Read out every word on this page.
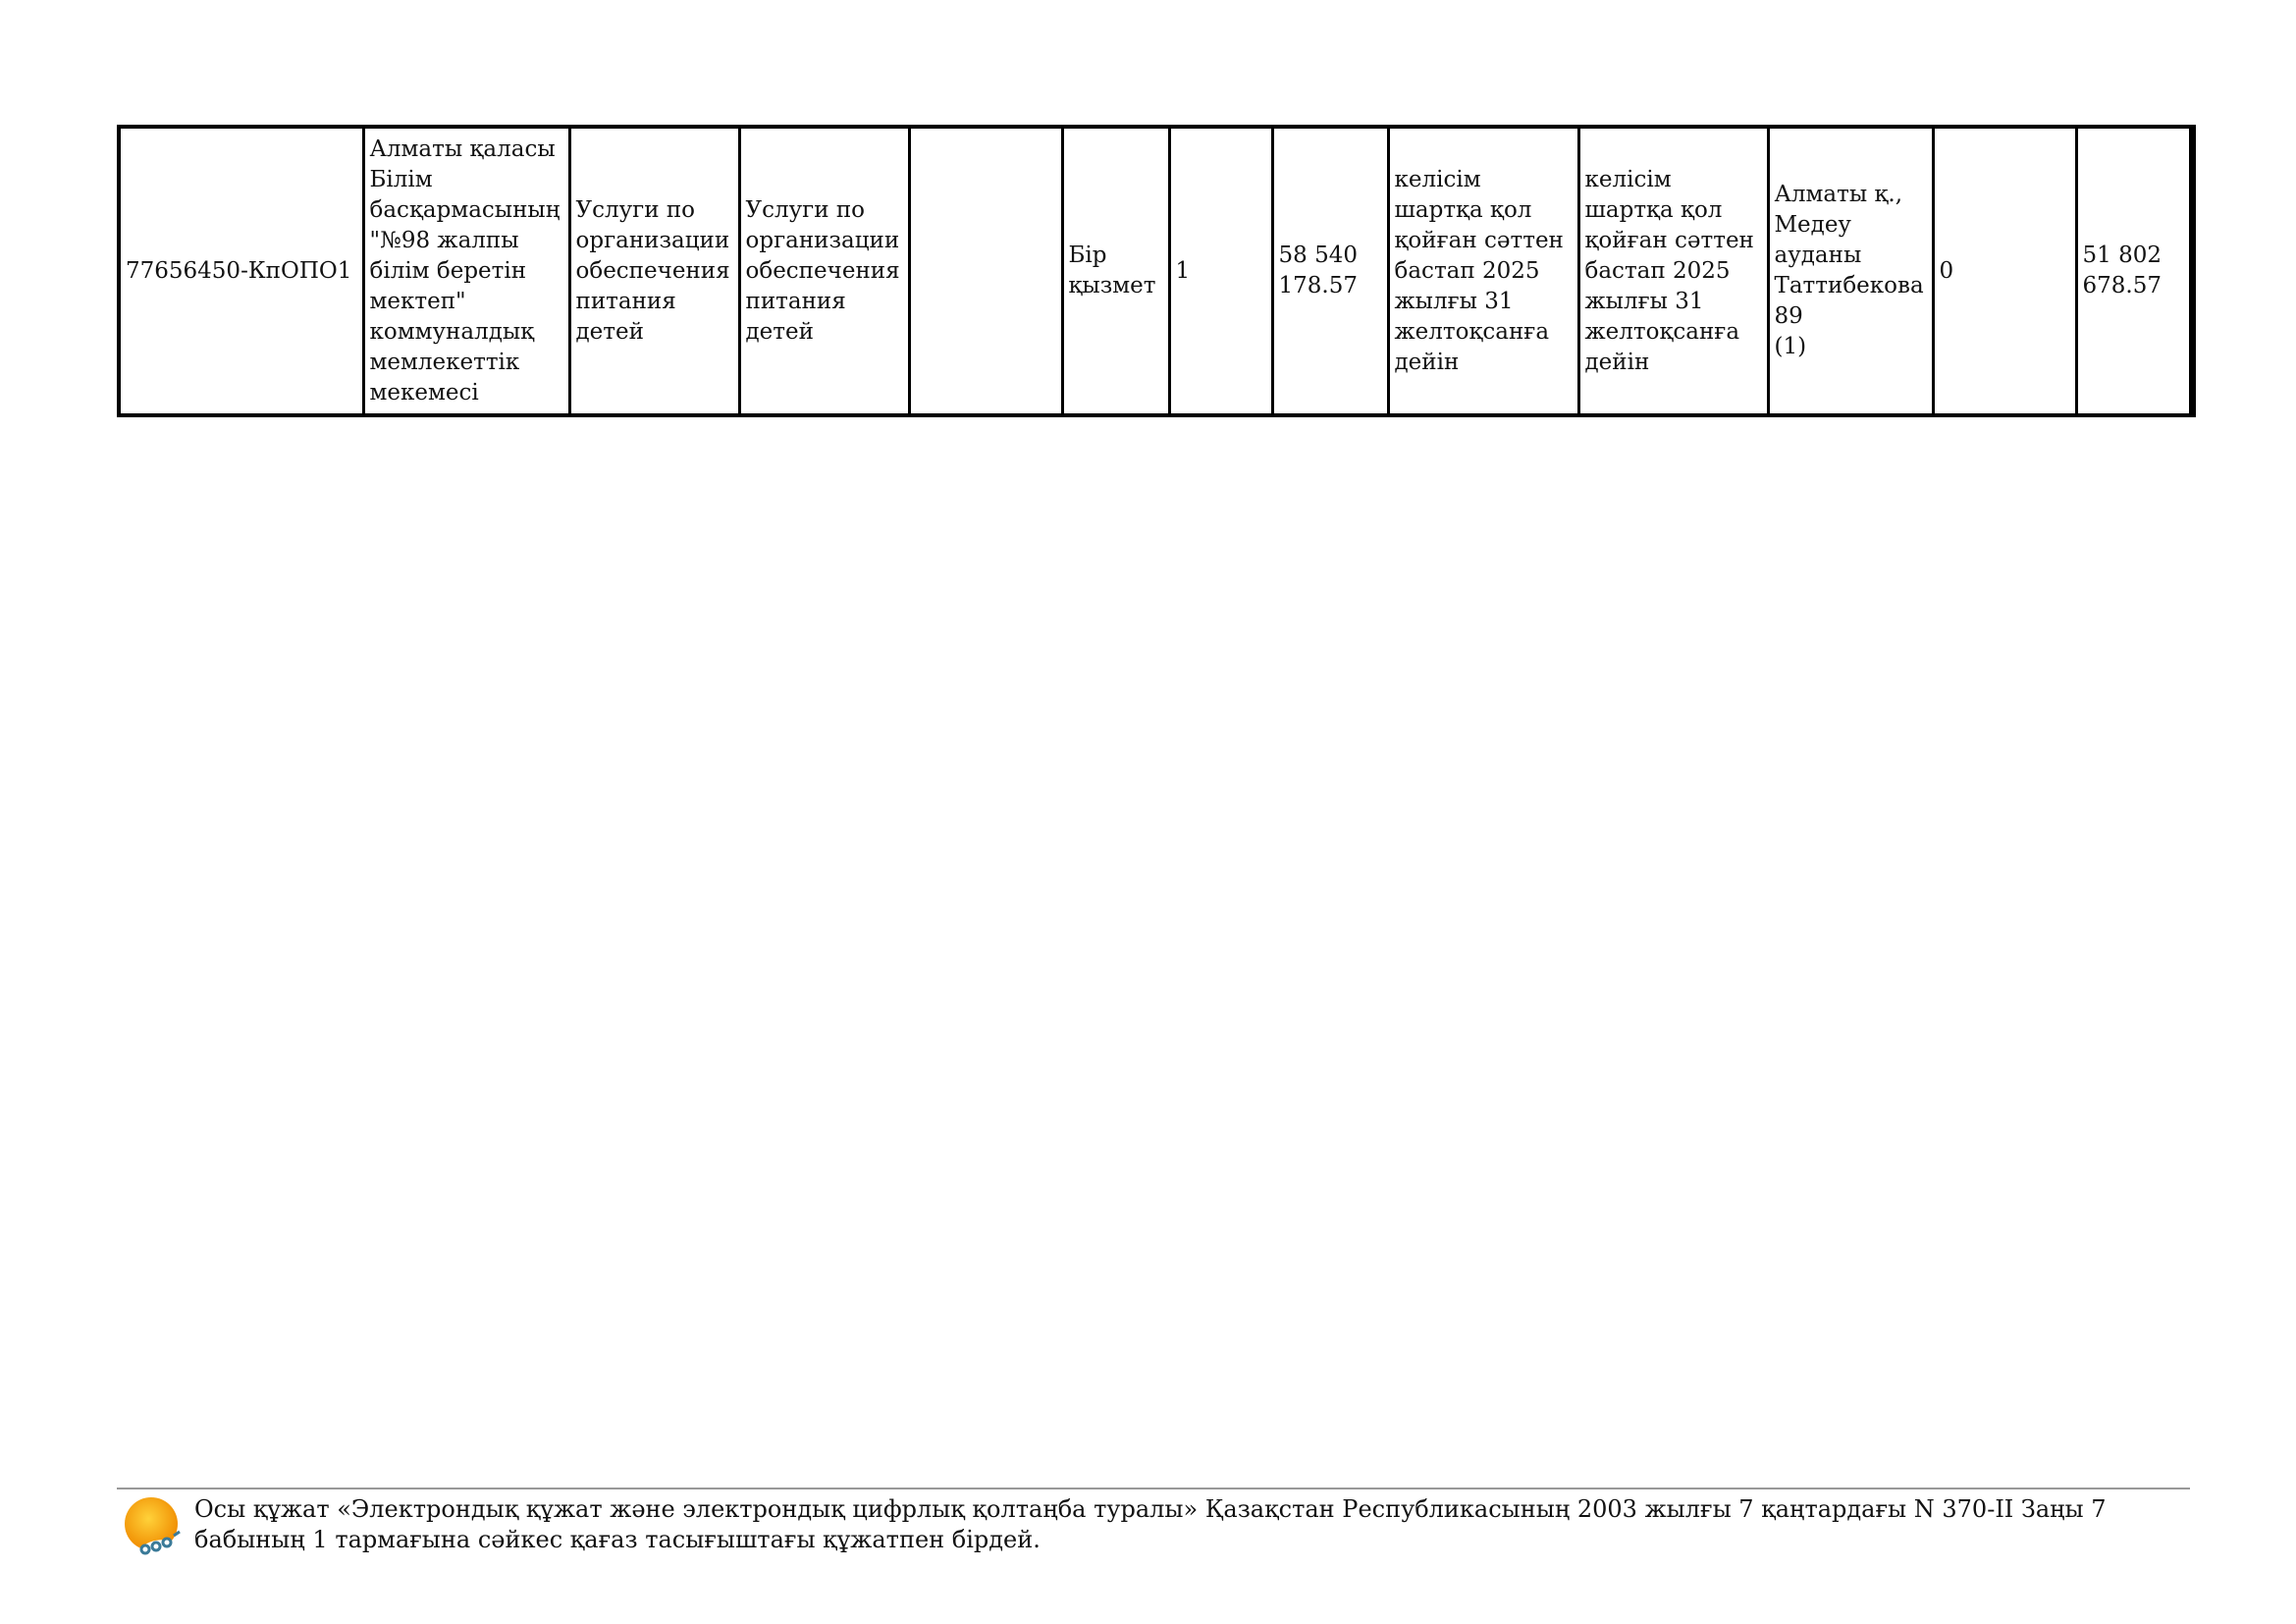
77656450-КпОПО1	Алматы қаласы
Білім
басқармасының
"№98 жалпы
білім беретін
мектеп"
коммуналдық
мемлекеттік
мекемесі	Услуги по
организации
обеспечения
питания
детей	Услуги по
организации
обеспечения
питания
детей		Бір
қызмет	1	58 540
178.57	келісім
шартқа қол
қойған сәттен
бастап 2025
жылғы 31
желтоқсанға
дейін	келісім
шартқа қол
қойған сәттен
бастап 2025
жылғы 31
желтоқсанға
дейін	Алматы қ.,
Медеу
ауданы
Таттибекова
89
(1)	0	51 802
678.57
Осы құжат «Электрондық құжат және электрондық цифрлық қолтаңба туралы» Қазақстан Республикасының 2003 жылғы 7 қаңтардағы N 370-II Заңы 7 бабының 1 тармағына сәйкес қағаз тасығыштағы құжатпен бірдей.
